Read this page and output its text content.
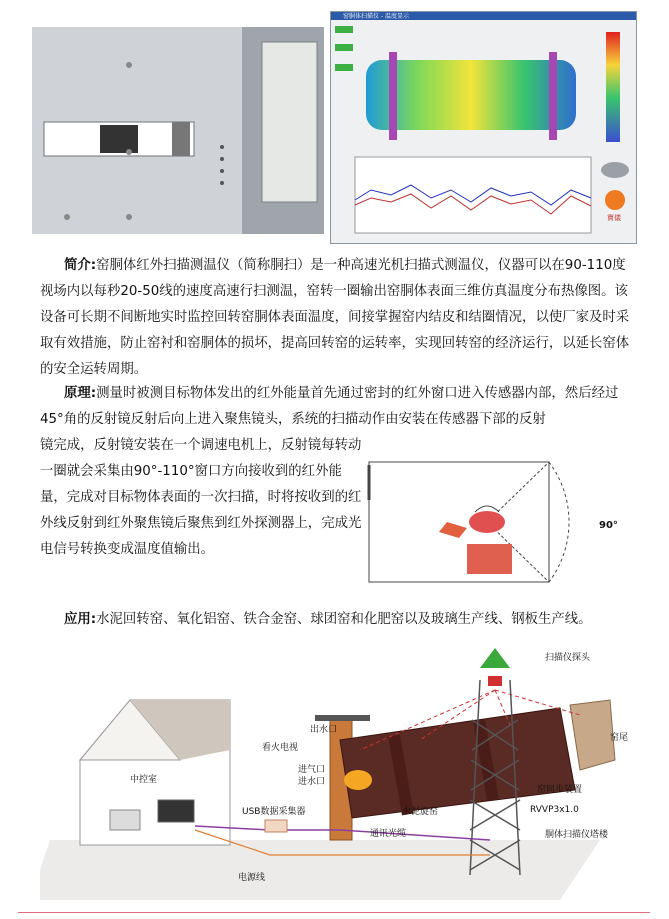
窑胴体扫描仪 - 温度显示
寶儀
简介:窑胴体红外扫描测温仪（简称胴扫）是一种高速光机扫描式测温仪，仪器可以在90-110度视场内以每秒20-50线的速度高速行扫测温，窑转一圈输出窑胴体表面三维仿真温度分布热像图。该设备可长期不间断地实时监控回转窑胴体表面温度，间接掌握窑内结皮和结圈情况，以使厂家及时采取有效措施，防止窑衬和窑胴体的损坏，提高回转窑的运转率，实现回转窑的经济运行，以延长窑体的安全运转周期。
原理:测量时被测目标物体发出的红外能量首先通过密封的红外窗口进入传感器内部，然后经过45°角的反射镜反射后向上进入聚焦镜头，系统的扫描动作由安装在传感器下部的反射
镜完成，反射镜安装在一个调速电机上，反射镜每转动一圈就会采集由90°-110°窗口方向接收到的红外能量，完成对目标物体表面的一次扫描，时将按收到的红外线反射到红外聚焦镜后聚焦到红外探测器上，完成光电信号转换变成温度值输出。
90°
应用:水泥回转窑、氧化铝窑、铁合金窑、球团窑和化肥窑以及玻璃生产线、钢板生产线。
扫描仪探头
窑尾
窑同步装置
RVVP3x1.0
胴体扫描仪塔楼
中控室
看火电视
出水口
进气口
进水口
水泥旋窑
USB数据采集器
通讯光缆
电源线
